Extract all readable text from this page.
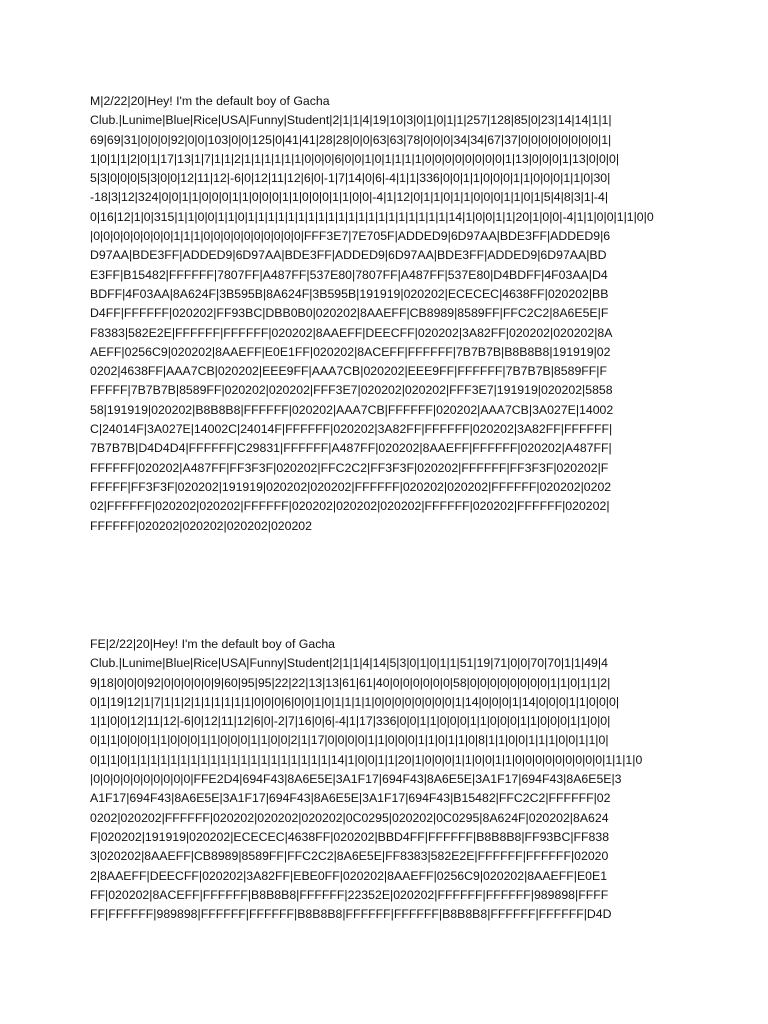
M|2/22|20|Hey! I'm the default boy of Gacha
Club.|Lunime|Blue|Rice|USA|Funny|Student|2|1|1|4|19|10|3|0|1|0|1|1|257|128|85|0|23|14|14|1|1|
69|69|31|0|0|0|92|0|0|103|0|0|125|0|41|41|28|28|0|0|63|63|78|0|0|0|34|34|67|37|0|0|0|0|0|0|0|0|1|
1|0|1|1|2|0|1|17|13|1|7|1|1|2|1|1|1|1|1|1|0|0|0|6|0|0|1|0|1|1|1|1|0|0|0|0|0|0|0|0|1|13|0|0|0|1|13|0|0|0|
5|3|0|0|0|5|3|0|0|12|11|12|-6|0|12|11|12|6|0|-1|7|14|0|6|-4|1|1|336|0|0|1|1|0|0|0|1|1|0|0|0|1|1|0|30|
-18|3|12|324|0|0|1|1|0|0|0|1|1|0|0|0|1|1|0|0|0|1|1|0|0|-4|1|12|0|1|1|0|1|1|0|0|0|1|1|0|1|5|4|8|3|1|-4|
0|16|12|1|0|315|1|1|0|0|1|1|0|1|1|1|1|1|1|1|1|1|1|1|1|1|1|1|1|1|1|1|1|14|1|0|0|1|1|20|1|0|0|-4|1|1|0|0|1|1|0|0
|0|0|0|0|0|0|0|0|1|1|1|0|0|0|0|0|0|0|0|0|0|FFF3E7|7E705F|ADDED9|6D97AA|BDE3FF|ADDED9|6
D97AA|BDE3FF|ADDED9|6D97AA|BDE3FF|ADDED9|6D97AA|BDE3FF|ADDED9|6D97AA|BD
E3FF|B15482|FFFFFF|7807FF|A487FF|537E80|7807FF|A487FF|537E80|D4BDFF|4F03AA|D4
BDFF|4F03AA|8A624F|3B595B|8A624F|3B595B|191919|020202|ECECEC|4638FF|020202|BB
D4FF|FFFFFF|020202|FF93BC|DBB0B0|020202|8AAEFF|CB8989|8589FF|FFC2C2|8A6E5E|F
F8383|582E2E|FFFFFF|FFFFFF|020202|8AAEFF|DEECFF|020202|3A82FF|020202|020202|8A
AEFF|0256C9|020202|8AAEFF|E0E1FF|020202|8ACEFF|FFFFFF|7B7B7B|B8B8B8|191919|02
0202|4638FF|AAA7CB|020202|EEE9FF|AAA7CB|020202|EEE9FF|FFFFFF|7B7B7B|8589FF|F
FFFFF|7B7B7B|8589FF|020202|020202|FFF3E7|020202|020202|FFF3E7|191919|020202|5858
58|191919|020202|B8B8B8|FFFFFF|020202|AAA7CB|FFFFFF|020202|AAA7CB|3A027E|14002
C|24014F|3A027E|14002C|24014F|FFFFFF|020202|3A82FF|FFFFFF|020202|3A82FF|FFFFFF|
7B7B7B|D4D4D4|FFFFFF|C29831|FFFFFF|A487FF|020202|8AAEFF|FFFFFF|020202|A487FF|
FFFFFF|020202|A487FF|FF3F3F|020202|FFC2C2|FF3F3F|020202|FFFFFF|FF3F3F|020202|F
FFFFF|FF3F3F|020202|191919|020202|020202|FFFFFF|020202|020202|FFFFFF|020202|0202
02|FFFFFF|020202|020202|FFFFFF|020202|020202|020202|FFFFFF|020202|FFFFFF|020202|
FFFFFF|020202|020202|020202|020202
FE|2/22|20|Hey! I'm the default boy of Gacha
Club.|Lunime|Blue|Rice|USA|Funny|Student|2|1|1|4|14|5|3|0|1|0|1|1|51|19|71|0|0|70|70|1|1|49|4
9|18|0|0|0|92|0|0|0|0|0|9|60|95|95|22|22|13|13|61|61|40|0|0|0|0|0|0|58|0|0|0|0|0|0|0|0|1|1|0|1|1|2|
0|1|19|12|1|7|1|1|2|1|1|1|1|1|1|0|0|0|6|0|0|1|0|1|1|1|1|0|0|0|0|0|0|0|0|1|14|0|0|0|1|14|0|0|0|1|1|0|0|0|
1|1|0|0|12|11|12|-6|0|12|11|12|6|0|-2|7|16|0|6|-4|1|17|336|0|0|1|1|0|0|0|1|1|0|0|0|1|1|0|0|0|1|1|0|0|
0|1|1|0|0|0|1|1|0|0|0|1|1|0|0|0|1|1|0|0|2|1|17|0|0|0|0|1|1|0|0|0|1|1|0|1|1|0|8|1|1|0|0|1|1|1|0|0|1|1|0|
0|1|1|0|1|1|1|1|1|1|1|1|1|1|1|1|1|1|1|1|1|1|1|1|14|1|0|0|1|1|20|1|0|0|0|1|1|0|0|1|1|0|0|0|0|0|0|0|0|0|1|1|1|0
|0|0|0|0|0|0|0|0|0|0|FFE2D4|694F43|8A6E5E|3A1F17|694F43|8A6E5E|3A1F17|694F43|8A6E5E|3
A1F17|694F43|8A6E5E|3A1F17|694F43|8A6E5E|3A1F17|694F43|B15482|FFC2C2|FFFFFF|02
0202|020202|FFFFFF|020202|020202|020202|0C0295|020202|0C0295|8A624F|020202|8A624
F|020202|191919|020202|ECECEC|4638FF|020202|BBD4FF|FFFFFF|B8B8B8|FF93BC|FF838
3|020202|8AAEFF|CB8989|8589FF|FFC2C2|8A6E5E|FF8383|582E2E|FFFFFF|FFFFFF|02020
2|8AAEFF|DEECFF|020202|3A82FF|EBE0FF|020202|8AAEFF|0256C9|020202|8AAEFF|E0E1
FF|020202|8ACEFF|FFFFFF|B8B8B8|FFFFFF|22352E|020202|FFFFFF|FFFFFF|989898|FFFF
FF|FFFFFF|989898|FFFFFF|FFFFFF|B8B8B8|FFFFFF|FFFFFF|B8B8B8|FFFFFF|FFFFFF|D4D
